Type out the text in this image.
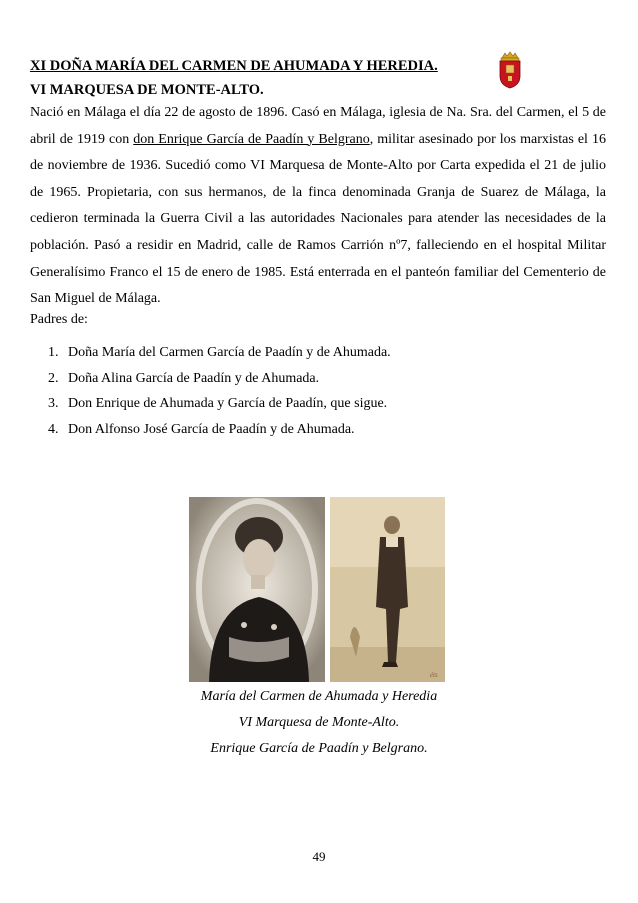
XI DOÑA MARÍA DEL CARMEN DE AHUMADA Y HEREDIA.
VI MARQUESA DE MONTE-ALTO.

Nació en Málaga el día 22 de agosto de 1896. Casó en Málaga, iglesia de Na. Sra. del Carmen, el 5 de abril de 1919 con don Enrique García de Paadín y Belgrano, militar asesinado por los marxistas el 16 de noviembre de 1936. Sucedió como VI Marquesa de Monte-Alto por Carta expedida el 21 de julio de 1965. Propietaria, con sus hermanos, de la finca denominada Granja de Suarez de Málaga, la cedieron terminada la Guerra Civil a las autoridades Nacionales para atender las necesidades de la población. Pasó a residir en Madrid, calle de Ramos Carrión nº7, falleciendo en el hospital Militar Generalísimo Franco el 15 de enero de 1985. Está enterrada en el panteón familiar del Cementerio de San Miguel de Málaga.

Padres de:
1. Doña María del Carmen García de Paadín y de Ahumada.
2. Doña Alina García de Paadín y de Ahumada.
3. Don Enrique de Ahumada y García de Paadín, que sigue.
4. Don Alfonso José García de Paadín y de Ahumada.
éts
María del Carmen de Ahumada y Heredia
VI Marquesa de Monte-Alto.
Enrique García de Paadín y Belgrano.
49
